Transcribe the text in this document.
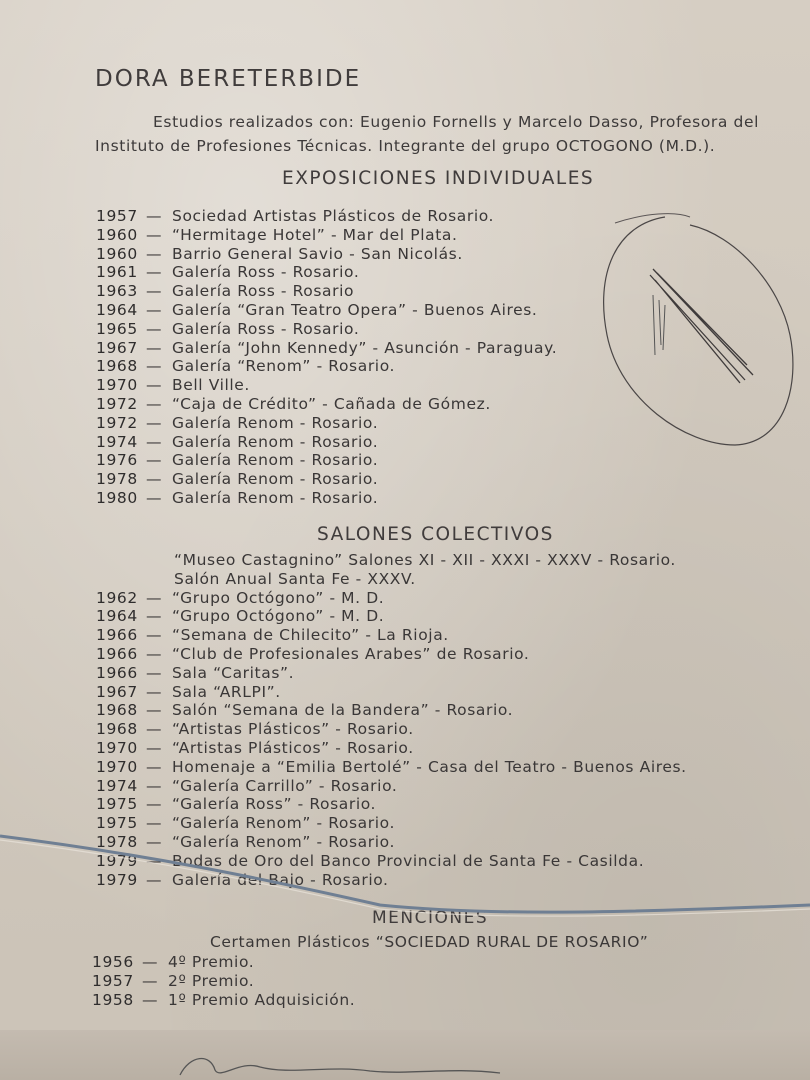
DORA BERETERBIDE
Estudios realizados con: Eugenio Fornells y Marcelo Dasso, Profesora del
Instituto de Profesiones Técnicas. Integrante del grupo OCTOGONO (M.D.).
EXPOSICIONES INDIVIDUALES
1957 — Sociedad Artistas Plásticos de Rosario.
1960 — “Hermitage Hotel” - Mar del Plata.
1960 — Barrio General Savio - San Nicolás.
1961 — Galería Ross - Rosario.
1963 — Galería Ross - Rosario
1964 — Galería “Gran Teatro Opera” - Buenos Aires.
1965 — Galería Ross - Rosario.
1967 — Galería “John Kennedy” - Asunción - Paraguay.
1968 — Galería “Renom” - Rosario.
1970 — Bell Ville.
1972 — “Caja de Crédito” - Cañada de Gómez.
1972 — Galería Renom - Rosario.
1974 — Galería Renom - Rosario.
1976 — Galería Renom - Rosario.
1978 — Galería Renom - Rosario.
1980 — Galería Renom - Rosario.
SALONES COLECTIVOS
“Museo Castagnino” Salones XI - XII - XXXI - XXXV - Rosario.
Salón Anual Santa Fe - XXXV.
1962 — “Grupo Octógono” - M. D.
1964 — “Grupo Octógono” - M. D.
1966 — “Semana de Chilecito” - La Rioja.
1966 — “Club de Profesionales Arabes” de Rosario.
1966 — Sala “Caritas”.
1967 — Sala “ARLPI”.
1968 — Salón “Semana de la Bandera” - Rosario.
1968 — “Artistas Plásticos” - Rosario.
1970 — “Artistas Plásticos” - Rosario.
1970 — Homenaje a “Emilia Bertolé” - Casa del Teatro - Buenos Aires.
1974 — “Galería Carrillo” - Rosario.
1975 — “Galería Ross” - Rosario.
1975 — “Galería Renom” - Rosario.
1978 — “Galería Renom” - Rosario.
1979 — Bodas de Oro del Banco Provincial de Santa Fe - Casilda.
1979 — Galería del Bajo - Rosario.
MENCIONES
Certamen Plásticos “SOCIEDAD RURAL DE ROSARIO”
1956 — 4º Premio.
1957 — 2º Premio.
1958 — 1º Premio Adquisición.
